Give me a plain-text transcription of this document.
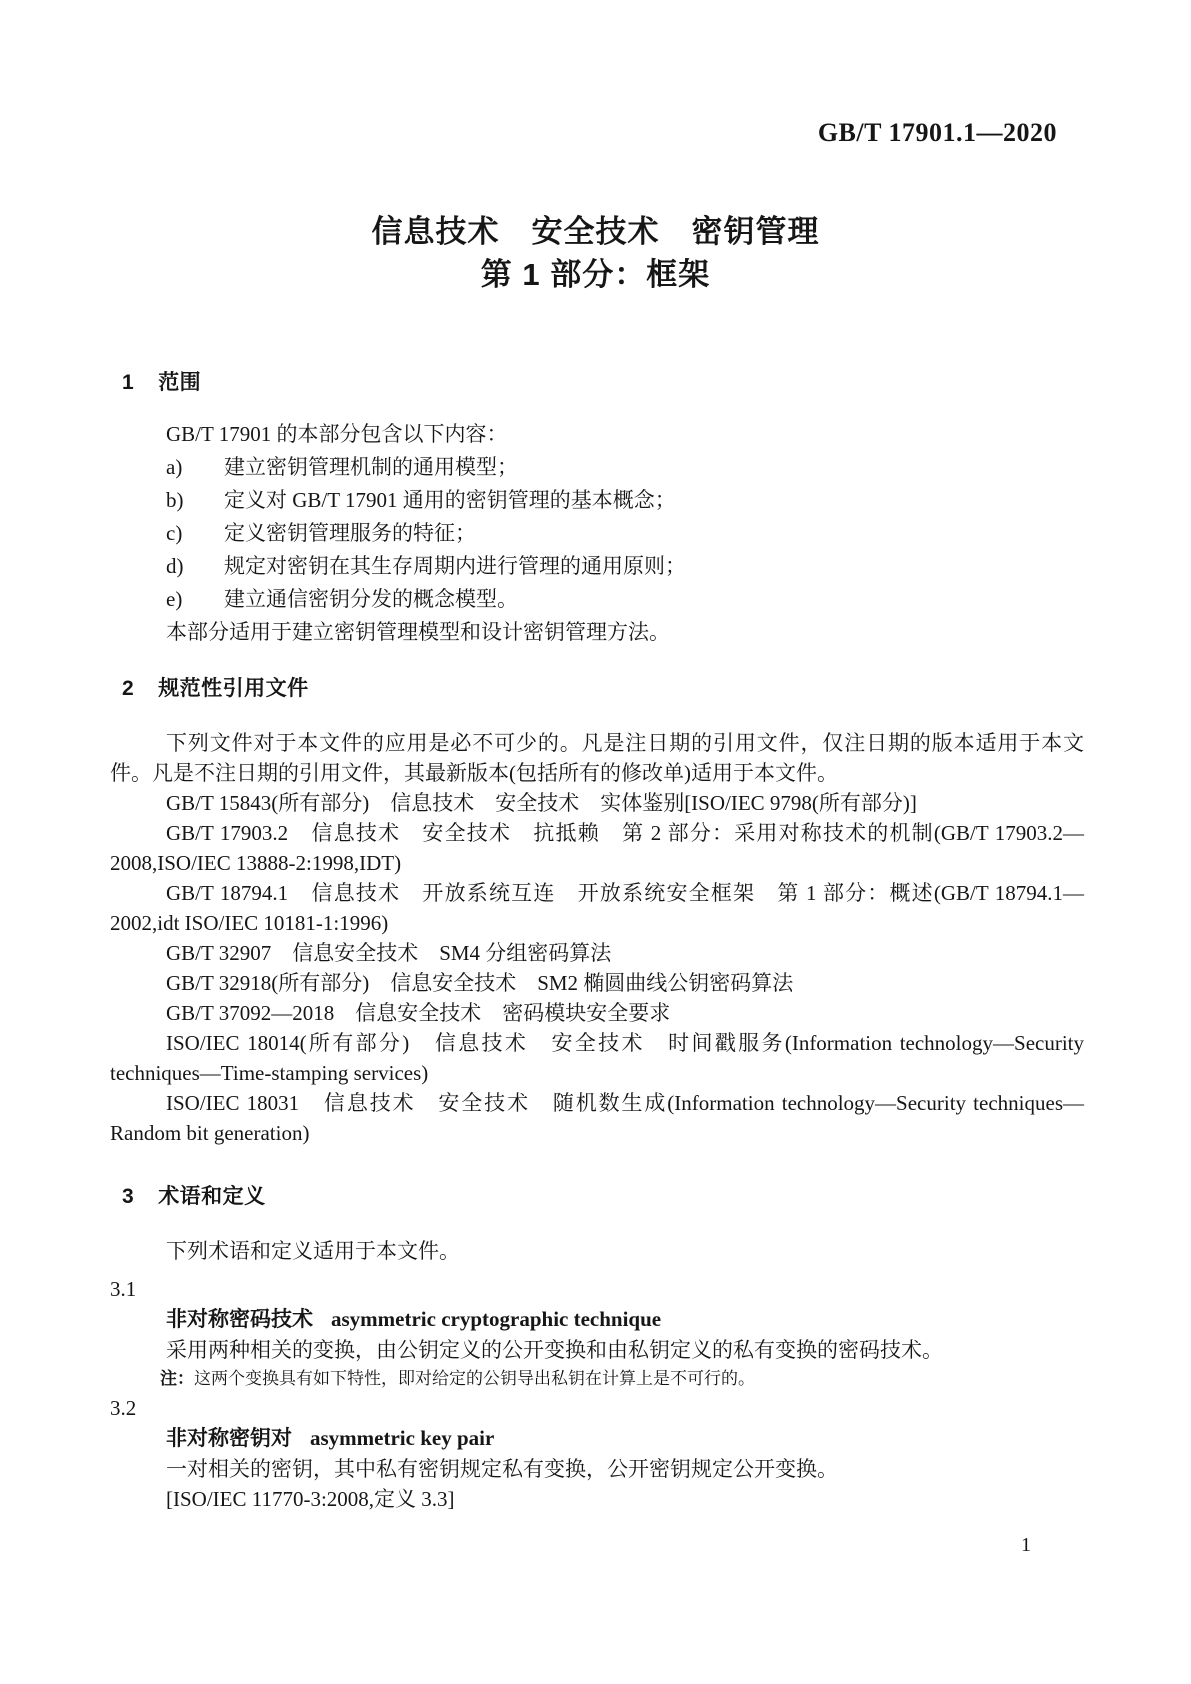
GB/T 17901.1—2020
信息技术　安全技术　密钥管理
第 1 部分：框架
1 范围

GB/T 17901 的本部分包含以下内容：

a)	建立密钥管理机制的通用模型；
b)	定义对 GB/T 17901 通用的密钥管理的基本概念；
c)	定义密钥管理服务的特征；
d)	规定对密钥在其生存周期内进行管理的通用原则；
e)	建立通信密钥分发的概念模型。

本部分适用于建立密钥管理模型和设计密钥管理方法。

2 规范性引用文件

下列文件对于本文件的应用是必不可少的。凡是注日期的引用文件，仅注日期的版本适用于本文件。凡是不注日期的引用文件，其最新版本(包括所有的修改单)适用于本文件。

GB/T 15843(所有部分)　信息技术　安全技术　实体鉴别[ISO/IEC 9798(所有部分)]

GB/T 17903.2　信息技术　安全技术　抗抵赖　第 2 部分：采用对称技术的机制(GB/T 17903.2—2008,ISO/IEC 13888-2:1998,IDT)

GB/T 18794.1　信息技术　开放系统互连　开放系统安全框架　第 1 部分：概述(GB/T 18794.1—2002,idt ISO/IEC 10181-1:1996)

GB/T 32907　信息安全技术　SM4 分组密码算法

GB/T 32918(所有部分)　信息安全技术　SM2 椭圆曲线公钥密码算法

GB/T 37092—2018　信息安全技术　密码模块安全要求

ISO/IEC 18014(所有部分)　信息技术　安全技术　时间戳服务(Information technology—Security techniques—Time-stamping services)

ISO/IEC 18031　信息技术　安全技术　随机数生成(Information technology—Security techniques—Random bit generation)

3 术语和定义

下列术语和定义适用于本文件。

3.1

非对称密码技术 asymmetric cryptographic technique

采用两种相关的变换，由公钥定义的公开变换和由私钥定义的私有变换的密码技术。

注：这两个变换具有如下特性，即对给定的公钥导出私钥在计算上是不可行的。

3.2

非对称密钥对 asymmetric key pair

一对相关的密钥，其中私有密钥规定私有变换，公开密钥规定公开变换。

[ISO/IEC 11770-3:2008,定义 3.3]

1
